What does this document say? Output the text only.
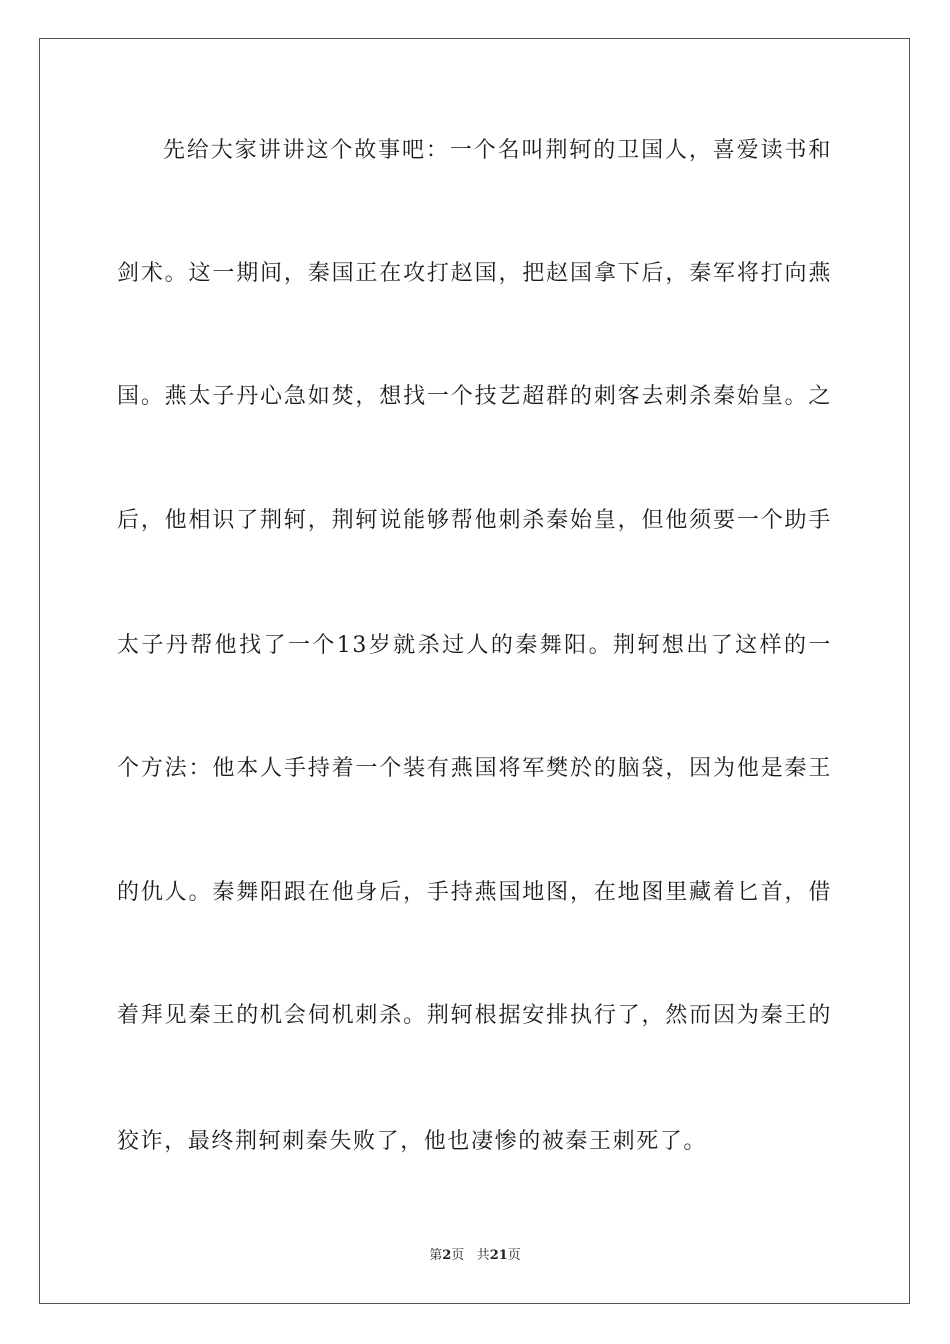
先给大家讲讲这个故事吧：一个名叫荆轲的卫国人，喜爱读书和
剑术。这一期间，秦国正在攻打赵国，把赵国拿下后，秦军将打向燕
国。燕太子丹心急如焚，想找一个技艺超群的刺客去刺杀秦始皇。之
后，他相识了荆轲，荆轲说能够帮他刺杀秦始皇，但他须要一个助手
太子丹帮他找了一个13岁就杀过人的秦舞阳。荆轲想出了这样的一
个方法：他本人手持着一个装有燕国将军樊於的脑袋，因为他是秦王
的仇人。秦舞阳跟在他身后，手持燕国地图，在地图里藏着匕首，借
着拜见秦王的机会伺机刺杀。荆轲根据安排执行了，然而因为秦王的
狡诈，最终荆轲刺秦失败了，他也凄惨的被秦王刺死了。
第2页 共21页
